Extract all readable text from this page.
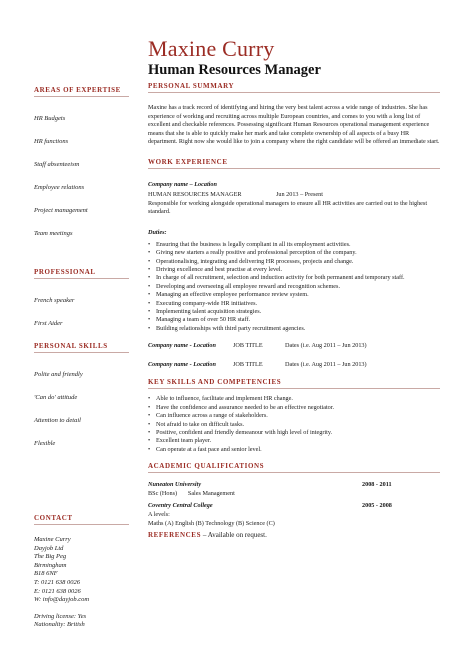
Maxine Curry
Human Resources Manager
AREAS OF EXPERTISE
HR Budgets
HR functions
Staff absenteeism
Employee relations
Project management
Team meetings
PROFESSIONAL
French speaker
First Aider
PERSONAL SKILLS
Polite and friendly
'Can do' attitude
Attention to detail
Flexible
CONTACT
Maxine Curry
Dayjob Ltd
The Big Peg
Birmingham
B18 6NF
T: 0121 638 0026
E: 0121 638 0026
W: info@dayjob.com
Driving license: Yes
Nationality: British
PERSONAL SUMMARY

Maxine has a track record of identifying and hiring the very best talent across a wide range of industries. She has experience of working and recruiting across multiple European countries, and comes to you with a long list of excellent and checkable references. Possessing significant Human Resources operational management experience means that she is able to quickly make her mark and take complete ownership of all aspects of a busy HR department. Right now she would like to join a company where the right candidate will be offered an immediate start.

WORK EXPERIENCE
Company name – Location
HUMAN RESOURCES MANAGER	Jun 2013 – Present

Responsible for working alongside operational managers to ensure all HR activities are carried out to the highest standard.

Duties:
• Ensuring that the business is legally compliant in all its employment activities.
• Giving new starters a really positive and professional perception of the company.
• Operationalising, integrating and delivering HR processes, projects and change.
• Driving excellence and best practise at every level.
• In charge of all recruitment, selection and induction activity for both permanent and temporary staff.
• Developing and overseeing all employee reward and recognition schemes.
• Managing an effective employee performance review system.
• Executing company-wide HR initiatives.
• Implementing talent acquisition strategies.
• Managing a team of over 50 HR staff.
• Building relationships with third party recruitment agencies.
Company name - Location	JOB TITLE	Dates (i.e. Aug 2011 – Jun 2013)
Company name - Location	JOB TITLE	Dates (i.e. Aug 2011 – Jun 2013)
KEY SKILLS AND COMPETENCIES
• Able to influence, facilitate and implement HR change.
• Have the confidence and assurance needed to be an effective negotiator.
• Can influence across a range of stakeholders.
• Not afraid to take on difficult tasks.
• Positive, confident and friendly demeanour with high level of integrity.
• Excellent team player.
• Can operate at a fast pace and senior level.
ACADEMIC QUALIFICATIONS
Nuneaton University	2008 - 2011
BSc (Hons)       Sales Management
Coventry Central College	2005 - 2008
A levels:
Maths (A) English (B) Technology (B) Science (C)
REFERENCES – Available on request.
